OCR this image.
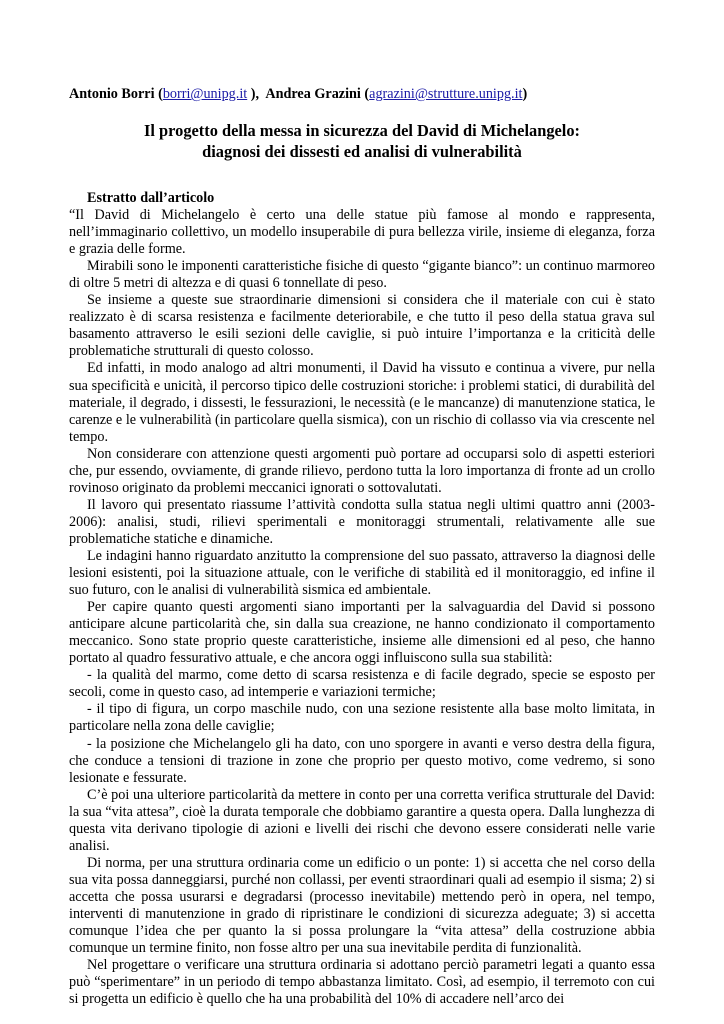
Antonio Borri (borri@unipg.it ), Andrea Grazini (agrazini@strutture.unipg.it)
Il progetto della messa in sicurezza del David di Michelangelo:
diagnosi dei dissesti ed analisi di vulnerabilità
Estratto dall’articolo

“Il David di Michelangelo è certo una delle statue più famose al mondo e rappresenta, nell’immaginario collettivo, un modello insuperabile di pura bellezza virile, insieme di eleganza, forza e grazia delle forme.

Mirabili sono le imponenti caratteristiche fisiche di questo “gigante bianco”: un continuo marmoreo di oltre 5 metri di altezza e di quasi 6 tonnellate di peso.

Se insieme a queste sue straordinarie dimensioni si considera che il materiale con cui è stato realizzato è di scarsa resistenza e facilmente deteriorabile, e che tutto il peso della statua grava sul basamento attraverso le esili sezioni delle caviglie, si può intuire l’importanza e la criticità delle problematiche strutturali di questo colosso.

Ed infatti, in modo analogo ad altri monumenti, il David ha vissuto e continua a vivere, pur nella sua specificità e unicità, il percorso tipico delle costruzioni storiche: i problemi statici, di durabilità del materiale, il degrado, i dissesti, le fessurazioni, le necessità (e le mancanze) di manutenzione statica, le carenze e le vulnerabilità (in particolare quella sismica), con un rischio di collasso via via crescente nel tempo.

Non considerare con attenzione questi argomenti può portare ad occuparsi solo di aspetti esteriori che, pur essendo, ovviamente, di grande rilievo, perdono tutta la loro importanza di fronte ad un crollo rovinoso originato da problemi meccanici ignorati o sottovalutati.

Il lavoro qui presentato riassume l’attività condotta sulla statua negli ultimi quattro anni (2003-2006): analisi, studi, rilievi sperimentali e monitoraggi strumentali, relativamente alle sue problematiche statiche e dinamiche.

Le indagini hanno riguardato anzitutto la comprensione del suo passato, attraverso la diagnosi delle lesioni esistenti, poi la situazione attuale, con le verifiche di stabilità ed il monitoraggio, ed infine il suo futuro, con le analisi di vulnerabilità sismica ed ambientale.

Per capire quanto questi argomenti siano importanti per la salvaguardia del David si possono anticipare alcune particolarità che, sin dalla sua creazione, ne hanno condizionato il comportamento meccanico. Sono state proprio queste caratteristiche, insieme alle dimensioni ed al peso, che hanno portato al quadro fessurativo attuale, e che ancora oggi influiscono sulla sua stabilità:

- la qualità del marmo, come detto di scarsa resistenza e di facile degrado, specie se esposto per secoli, come in questo caso, ad intemperie e variazioni termiche;

- il tipo di figura, un corpo maschile nudo, con una sezione resistente alla base molto limitata, in particolare nella zona delle caviglie;

- la posizione che Michelangelo gli ha dato, con uno sporgere in avanti e verso destra della figura, che conduce a tensioni di trazione in zone che proprio per questo motivo, come vedremo, si sono lesionate e fessurate.

C’è poi una ulteriore particolarità da mettere in conto per una corretta verifica strutturale del David: la sua “vita attesa”, cioè la durata temporale che dobbiamo garantire a questa opera. Dalla lunghezza di questa vita derivano tipologie di azioni e livelli dei rischi che devono essere considerati nelle varie analisi.

Di norma, per una struttura ordinaria come un edificio o un ponte: 1) si accetta che nel corso della sua vita possa danneggiarsi, purché non collassi, per eventi straordinari quali ad esempio il sisma; 2) si accetta che possa usurarsi e degradarsi (processo inevitabile) mettendo però in opera, nel tempo, interventi di manutenzione in grado di ripristinare le condizioni di sicurezza adeguate; 3) si accetta comunque l’idea che per quanto la si possa prolungare la “vita attesa” della costruzione abbia comunque un termine finito, non fosse altro per una sua inevitabile perdita di funzionalità.

Nel progettare o verificare una struttura ordinaria si adottano perciò parametri legati a quanto essa può “sperimentare” in un periodo di tempo abbastanza limitato. Così, ad esempio, il terremoto con cui si progetta un edificio è quello che ha una probabilità del 10% di accadere nell’arco dei
